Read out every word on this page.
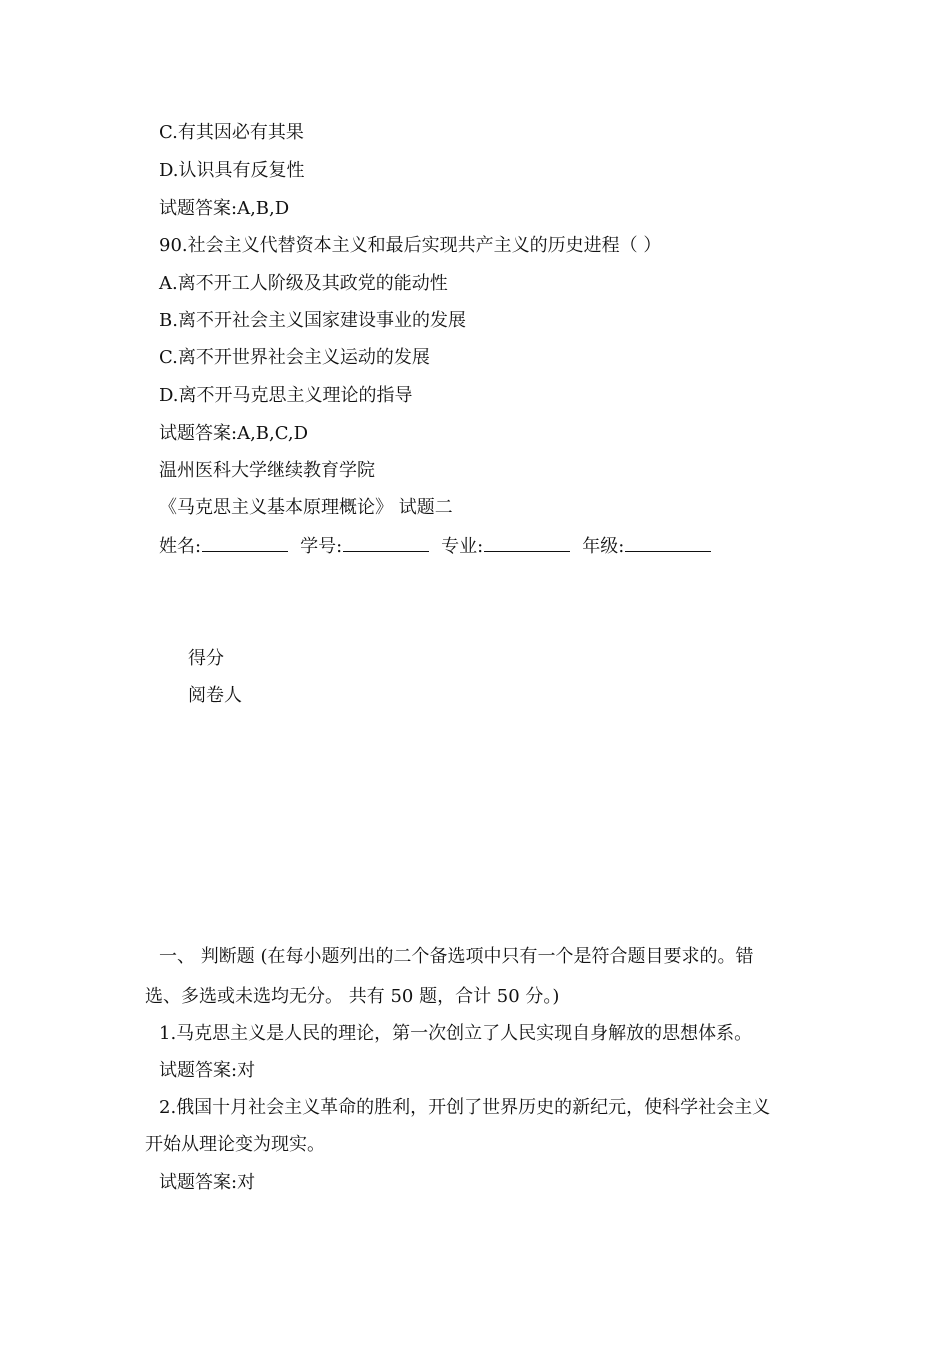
C.有其因必有其果
D.认识具有反复性
试题答案:A,B,D
90.社会主义代替资本主义和最后实现共产主义的历史进程（ ）
A.离不开工人阶级及其政党的能动性
B.离不开社会主义国家建设事业的发展
C.离不开世界社会主义运动的发展
D.离不开马克思主义理论的指导
试题答案:A,B,C,D
温州医科大学继续教育学院
《马克思主义基本原理概论》 试题二
姓名:	学号:	专业:	年级:
得分
阅卷人
一、 判断题 (在每小题列出的二个备选项中只有一个是符合题目要求的。错
选、多选或未选均无分。 共有 50 题，合计 50 分。)
1.马克思主义是人民的理论，第一次创立了人民实现自身解放的思想体系。
试题答案:对
2.俄国十月社会主义革命的胜利，开创了世界历史的新纪元，使科学社会主义
开始从理论变为现实。
试题答案:对
